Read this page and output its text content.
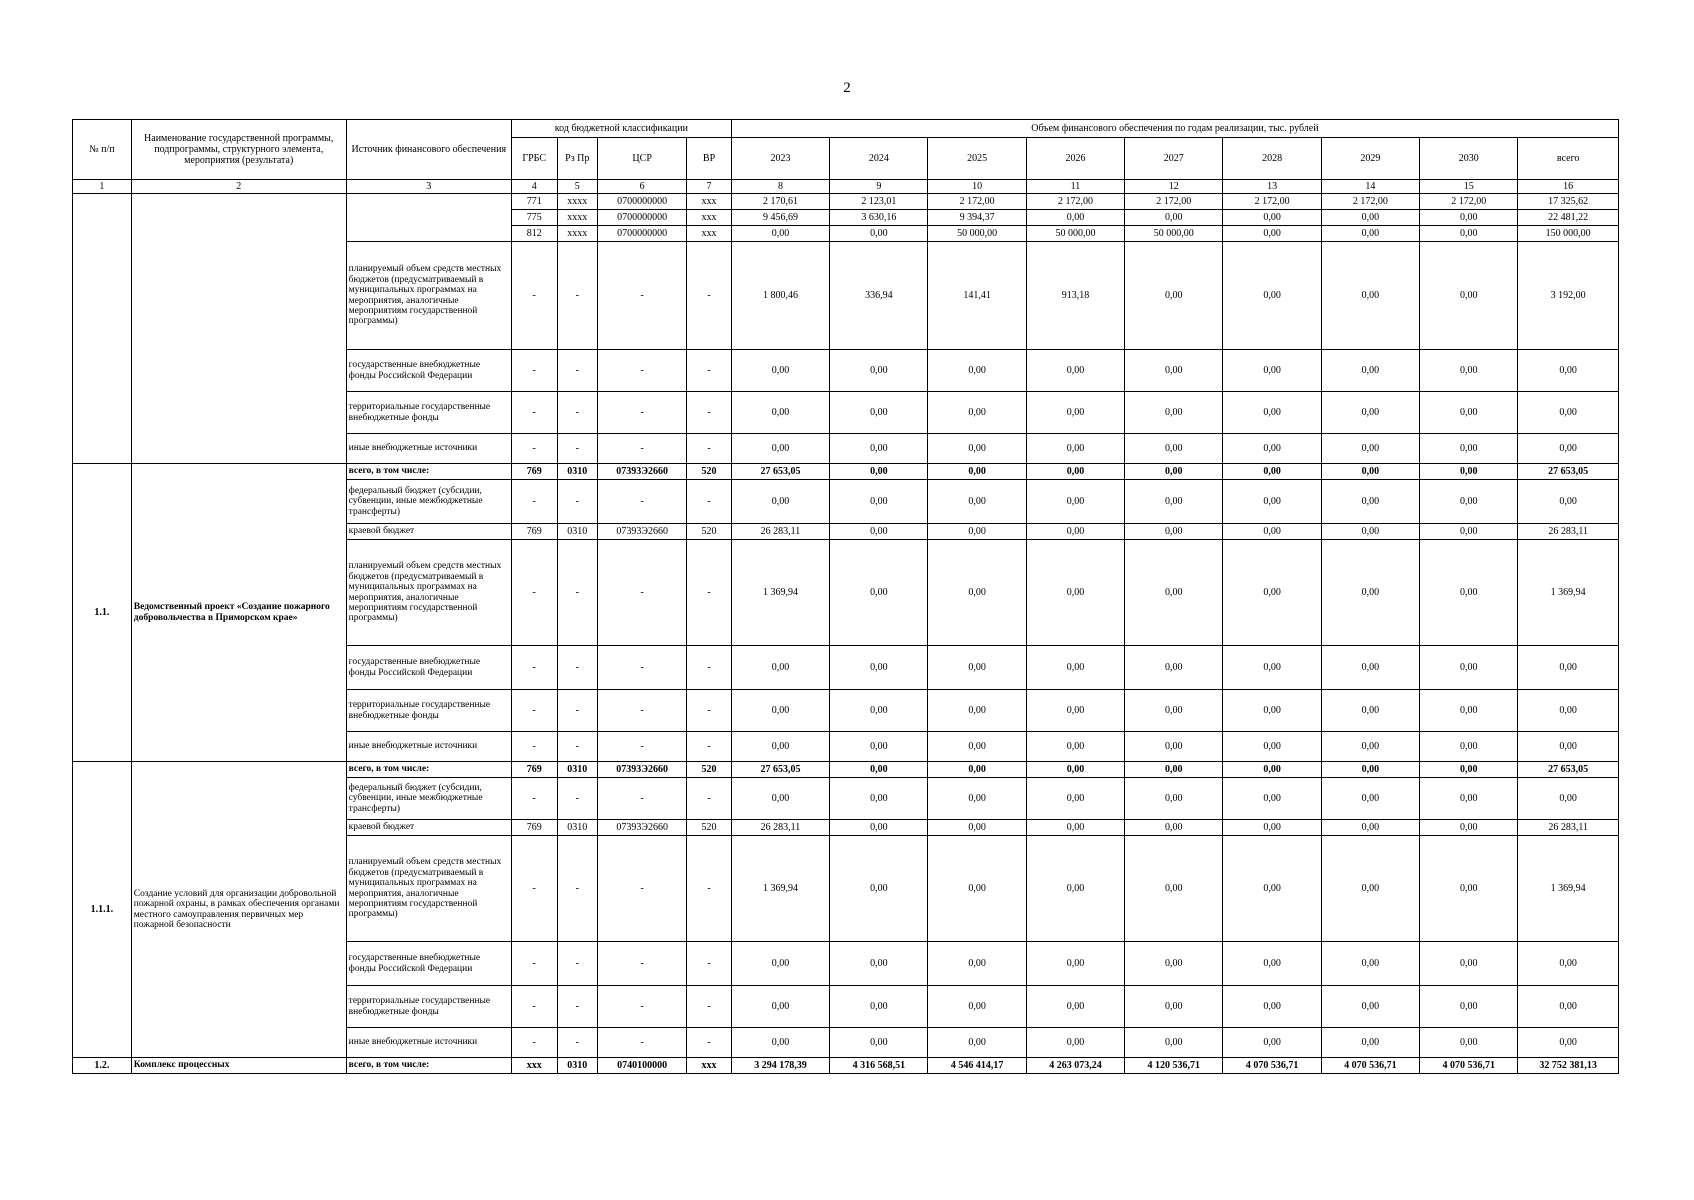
2
№ п/п	Наименование государственной программы, подпрограммы, структурного элемента, мероприятия (результата)	Источник финансового обеспечения	код бюджетной классификации				Объем финансового обеспечения по годам реализации, тыс. рублей								
			ГРБС	Рз Пр	ЦСР	ВР	2023	2024	2025	2026	2027	2028	2029	2030	всего
1	2	3	4	5	6	7	8	9	10	11	12	13	14	15	16
			771	xxxx	0700000000	xxx	2 170,61	2 123,01	2 172,00	2 172,00	2 172,00	2 172,00	2 172,00	2 172,00	17 325,62
			775	xxxx	0700000000	xxx	9 456,69	3 630,16	9 394,37	0,00	0,00	0,00	0,00	0,00	22 481,22
			812	xxxx	0700000000	xxx	0,00	0,00	50 000,00	50 000,00	50 000,00	0,00	0,00	0,00	150 000,00
		планируемый объем средств местных бюджетов (предусматриваемый в муниципальных программах на мероприятия, аналогичные мероприятиям государственной программы)	-	-	-	-	1 800,46	336,94	141,41	913,18	0,00	0,00	0,00	0,00	3 192,00
		государственные внебюджетные фонды Российской Федерации	-	-	-	-	0,00	0,00	0,00	0,00	0,00	0,00	0,00	0,00	0,00
		территориальные государственные внебюджетные фонды	-	-	-	-	0,00	0,00	0,00	0,00	0,00	0,00	0,00	0,00	0,00
		иные внебюджетные источники	-	-	-	-	0,00	0,00	0,00	0,00	0,00	0,00	0,00	0,00	0,00
1.1.	Ведомственный проект «Создание пожарного добровольчества в Приморском крае»	всего, в том числе:	769	0310	07393Э2660	520	27 653,05	0,00	0,00	0,00	0,00	0,00	0,00	0,00	27 653,05
		федеральный бюджет (субсидии, субвенции, иные межбюджетные трансферты)	-	-	-	-	0,00	0,00	0,00	0,00	0,00	0,00	0,00	0,00	0,00
		краевой бюджет	769	0310	07393Э2660	520	26 283,11	0,00	0,00	0,00	0,00	0,00	0,00	0,00	26 283,11
		планируемый объем средств местных бюджетов (предусматриваемый в муниципальных программах на мероприятия, аналогичные мероприятиям государственной программы)	-	-	-	-	1 369,94	0,00	0,00	0,00	0,00	0,00	0,00	0,00	1 369,94
		государственные внебюджетные фонды Российской Федерации	-	-	-	-	0,00	0,00	0,00	0,00	0,00	0,00	0,00	0,00	0,00
		территориальные государственные внебюджетные фонды	-	-	-	-	0,00	0,00	0,00	0,00	0,00	0,00	0,00	0,00	0,00
		иные внебюджетные источники	-	-	-	-	0,00	0,00	0,00	0,00	0,00	0,00	0,00	0,00	0,00
1.1.1.	Создание условий для организации добровольной пожарной охраны, в рамках обеспечения органами местного самоуправления первичных мер пожарной безопасности	всего, в том числе:	769	0310	07393Э2660	520	27 653,05	0,00	0,00	0,00	0,00	0,00	0,00	0,00	27 653,05
		федеральный бюджет (субсидии, субвенции, иные межбюджетные трансферты)	-	-	-	-	0,00	0,00	0,00	0,00	0,00	0,00	0,00	0,00	0,00
		краевой бюджет	769	0310	07393Э2660	520	26 283,11	0,00	0,00	0,00	0,00	0,00	0,00	0,00	26 283,11
		планируемый объем средств местных бюджетов (предусматриваемый в муниципальных программах на мероприятия, аналогичные мероприятиям государственной программы)	-	-	-	-	1 369,94	0,00	0,00	0,00	0,00	0,00	0,00	0,00	1 369,94
		государственные внебюджетные фонды Российской Федерации	-	-	-	-	0,00	0,00	0,00	0,00	0,00	0,00	0,00	0,00	0,00
		территориальные государственные внебюджетные фонды	-	-	-	-	0,00	0,00	0,00	0,00	0,00	0,00	0,00	0,00	0,00
		иные внебюджетные источники	-	-	-	-	0,00	0,00	0,00	0,00	0,00	0,00	0,00	0,00	0,00
1.2.	Комплекс процессных	всего, в том числе:	xxx	0310	0740100000	xxx	3 294 178,39	4 316 568,51	4 546 414,17	4 263 073,24	4 120 536,71	4 070 536,71	4 070 536,71	4 070 536,71	32 752 381,13
